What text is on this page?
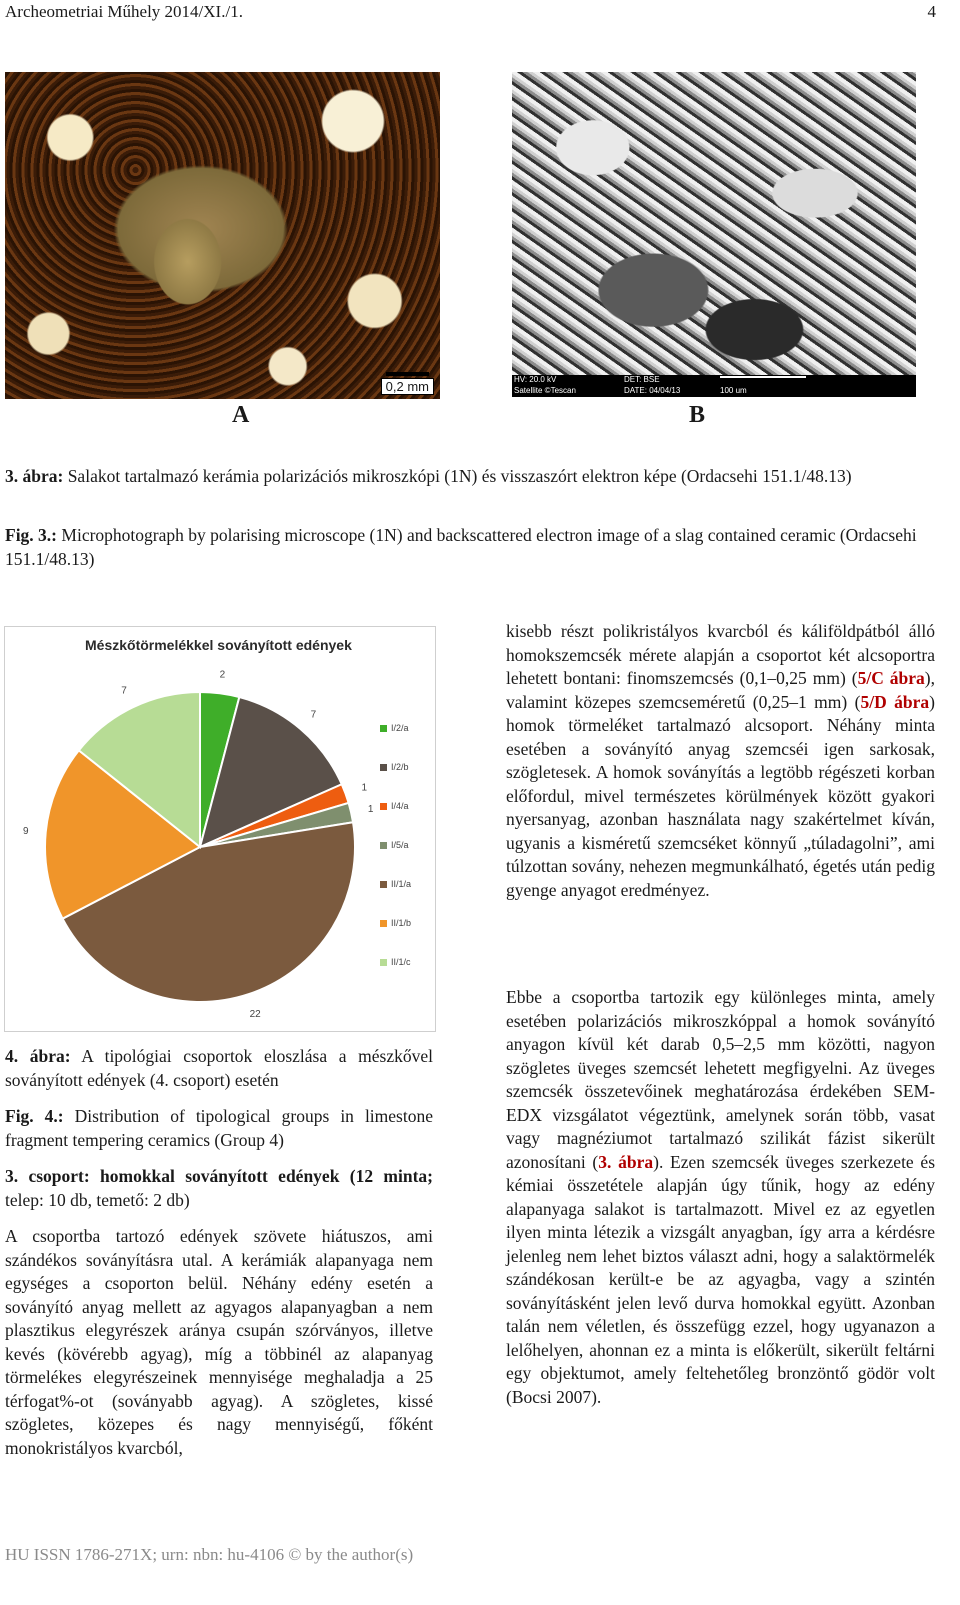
Archeometriai Műhely 2014/XI./1.	4
0,2 mm	HV: 20.0 kV
Satellite ©Tescan
DET: BSE
DATE: 04/04/13	100 um
A	B
3. ábra: Salakot tartalmazó kerámia polarizációs mikroszkópi (1N) és visszaszórt elektron képe (Ordacsehi 151.1/48.13)
Fig. 3.: Microphotograph by polarising microscope (1N) and backscattered electron image of a slag contained ceramic (Ordacsehi 151.1/48.13)
Mészkőtörmelékkel soványított edények
2
7
1
1
22
9
7
I/2/a
I/2/b
I/4/a
I/5/a
II/1/a
II/1/b
II/1/c
4. ábra: A tipológiai csoportok eloszlása a mészkővel soványított edények (4. csoport) esetén
Fig. 4.: Distribution of tipological groups in limestone fragment tempering ceramics (Group 4)
3. csoport: homokkal soványított edények (12 minta; telep: 10 db, temető: 2 db)
A csoportba tartozó edények szövete hiátuszos, ami szándékos soványításra utal. A kerámiák alapanyaga nem egységes a csoporton belül. Néhány edény esetén a soványító anyag mellett az agyagos alapanyagban a nem plasztikus elegyrészek aránya csupán szórványos, illetve kevés (kövérebb agyag), míg a többinél az alapanyag törmelékes elegyrészeinek mennyisége meghaladja a 25 térfogat%-ot (soványabb agyag). A szögletes, kissé szögletes, közepes és nagy mennyiségű, főként monokristályos kvarcból,
kisebb részt polikristályos kvarcból és káliföldpátból álló homokszemcsék mérete alapján a csoportot két alcsoportra lehetett bontani: finomszemcsés (0,1–0,25 mm) (5/C ábra), valamint közepes szemcseméretű (0,25–1 mm) (5/D ábra) homok törmeléket tartalmazó alcsoport. Néhány minta esetében a soványító anyag szemcséi igen sarkosak, szögletesek. A homok soványítás a legtöbb régészeti korban előfordul, mivel természetes körülmények között gyakori nyersanyag, azonban használata nagy szakértelmet kíván, ugyanis a kisméretű szemcséket könnyű „túladagolni”, ami túlzottan sovány, nehezen megmunkálható, égetés után pedig gyenge anyagot eredményez.
Ebbe a csoportba tartozik egy különleges minta, amely esetében polarizációs mikroszkóppal a homok soványító anyagon kívül két darab 0,5–2,5 mm közötti, nagyon szögletes üveges szemcsét lehetett megfigyelni. Az üveges szemcsék összetevőinek meghatározása érdekében SEM-EDX vizsgálatot végeztünk, amelynek során több, vasat vagy magnéziumot tartalmazó szilikát fázist sikerült azonosítani (3. ábra). Ezen szemcsék üveges szerkezete és kémiai összetétele alapján úgy tűnik, hogy az edény alapanyaga salakot is tartalmazott. Mivel ez az egyetlen ilyen minta létezik a vizsgált anyagban, így arra a kérdésre jelenleg nem lehet biztos választ adni, hogy a salaktörmelék szándékosan került-e be az agyagba, vagy a szintén soványításként jelen levő durva homokkal együtt. Azonban talán nem véletlen, és összefügg ezzel, hogy ugyanazon a lelőhelyen, ahonnan ez a minta is előkerült, sikerült feltárni egy objektumot, amely feltehetőleg bronzöntő gödör volt (Bocsi 2007).
HU ISSN 1786-271X; urn: nbn: hu-4106 © by the author(s)
